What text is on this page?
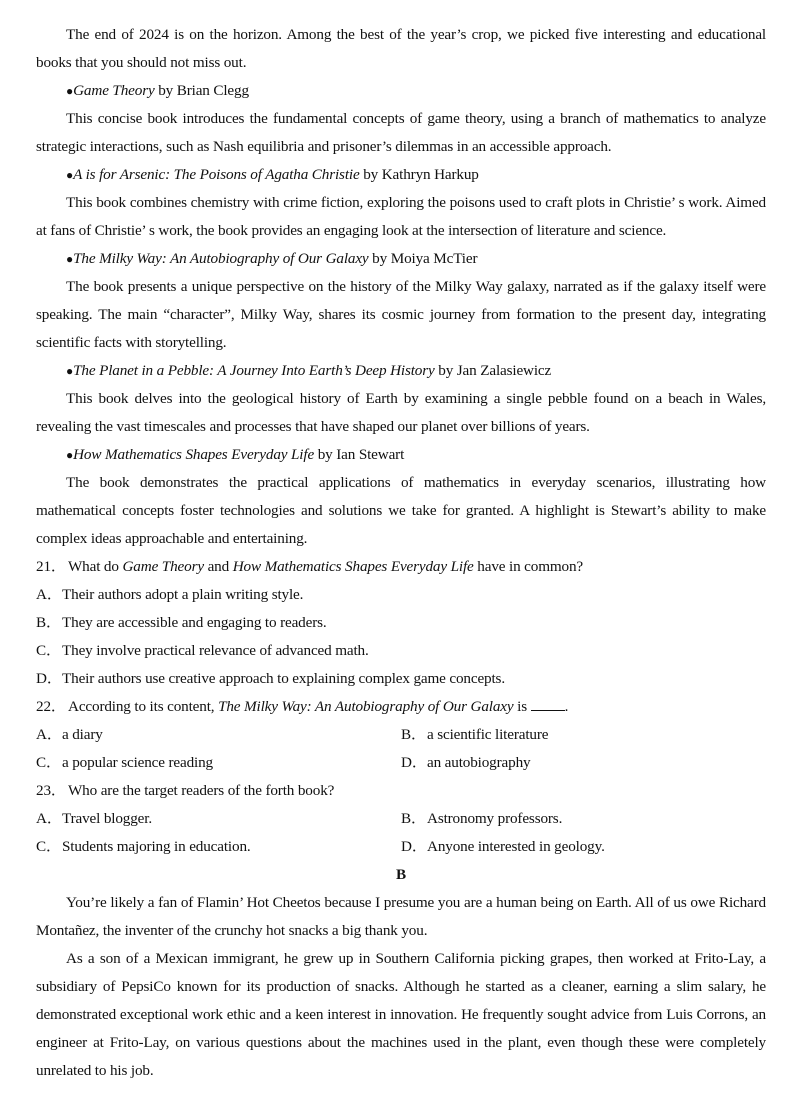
The end of 2024 is on the horizon. Among the best of the year’s crop, we picked five interesting and educational books that you should not miss out.

●Game Theory by Brian Clegg

This concise book introduces the fundamental concepts of game theory, using a branch of mathematics to analyze strategic interactions, such as Nash equilibria and prisoner’s dilemmas in an accessible approach.

●A is for Arsenic: The Poisons of Agatha Christie by Kathryn Harkup

This book combines chemistry with crime fiction, exploring the poisons used to craft plots in Christie’ s work. Aimed at fans of Christie’ s work, the book provides an engaging look at the intersection of literature and science.

●The Milky Way: An Autobiography of Our Galaxy by Moiya McTier

The book presents a unique perspective on the history of the Milky Way galaxy, narrated as if the galaxy itself were speaking. The main “character”, Milky Way, shares its cosmic journey from formation to the present day, integrating scientific facts with storytelling.

●The Planet in a Pebble: A Journey Into Earth’s Deep History by Jan Zalasiewicz

This book delves into the geological history of Earth by examining a single pebble found on a beach in Wales, revealing the vast timescales and processes that have shaped our planet over billions of years.

●How Mathematics Shapes Everyday Life by Ian Stewart

The book demonstrates the practical applications of mathematics in everyday scenarios, illustrating how mathematical concepts foster technologies and solutions we take for granted. A highlight is Stewart’s ability to make complex ideas approachable and entertaining.

21． What do Game Theory and How Mathematics Shapes Everyday Life have in common?

A．Their authors adopt a plain writing style.

B．They are accessible and engaging to readers.

C．They involve practical relevance of advanced math.

D．Their authors use creative approach to explaining complex game concepts.

22． According to its content, The Milky Way: An Autobiography of Our Galaxy is .

A．a diary	B．a scientific literature
C．a popular science reading	D．an autobiography

23． Who are the target readers of the forth book?

A．Travel blogger.	B．Astronomy professors.
C．Students majoring in education.	D．Anyone interested in geology.

B

You’re likely a fan of Flamin’ Hot Cheetos because I presume you are a human being on Earth. All of us owe Richard Montañez, the inventer of the crunchy hot snacks a big thank you.

As a son of a Mexican immigrant, he grew up in Southern California picking grapes, then worked at Frito-Lay, a subsidiary of PepsiCo known for its production of snacks. Although he started as a cleaner, earning a slim salary, he demonstrated exceptional work ethic and a keen interest in innovation. He frequently sought advice from Luis Corrons, an engineer at Frito-Lay, on various questions about the machines used in the plant, even though these were completely unrelated to his job.
